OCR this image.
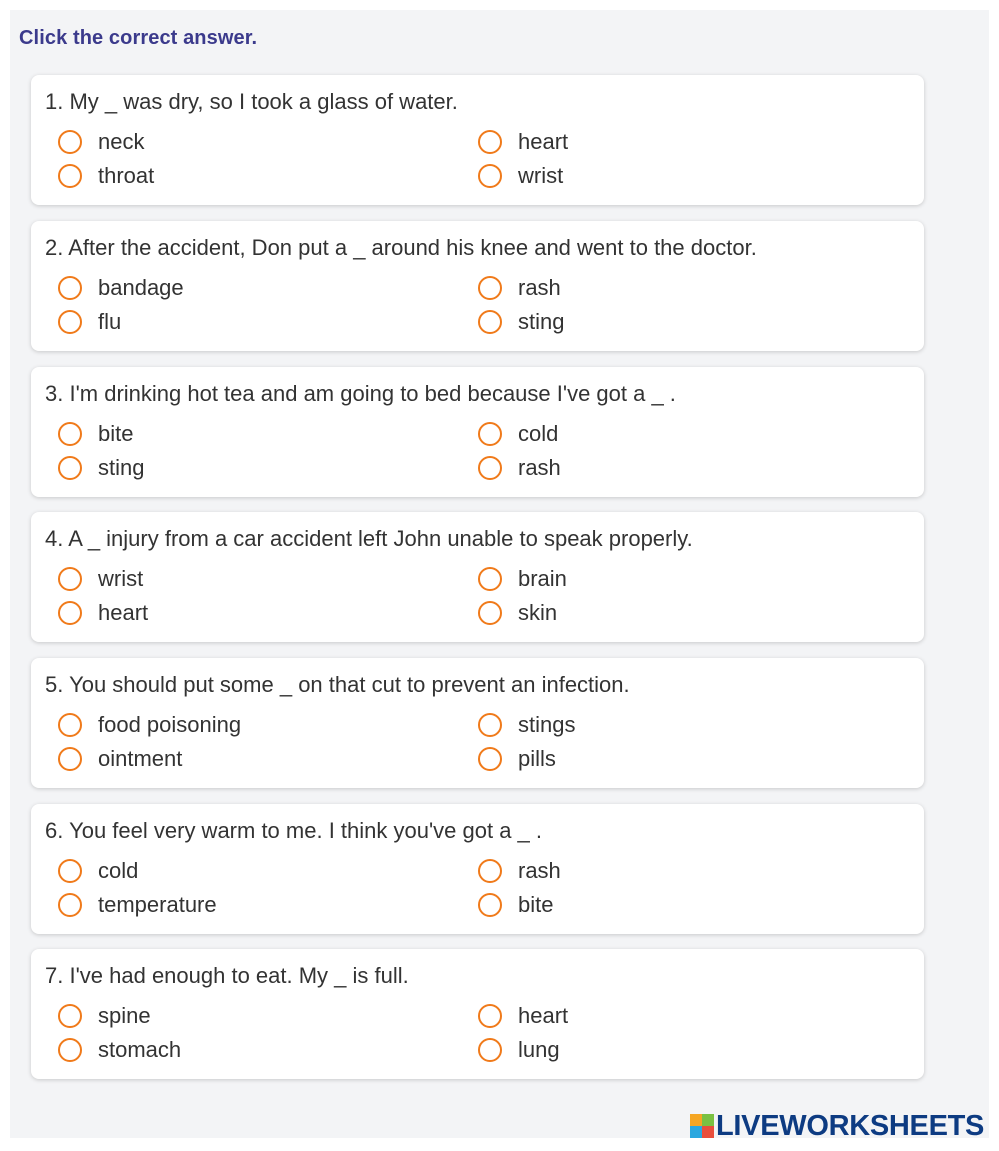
Click the correct answer.
1. My _ was dry, so I took a glass of water.
neck	heart
throat	wrist
2. After the accident, Don put a _ around his knee and went to the doctor.
bandage	rash
flu	sting
3. I'm drinking hot tea and am going to bed because I've got a _ .
bite	cold
sting	rash
4. A _ injury from a car accident left John unable to speak properly.
wrist	brain
heart	skin
5. You should put some _ on that cut to prevent an infection.
food poisoning	stings
ointment	pills
6. You feel very warm to me. I think you've got a _ .
cold	rash
temperature	bite
7. I've had enough to eat. My _ is full.
spine	heart
stomach	lung
LIVEWORKSHEETS
